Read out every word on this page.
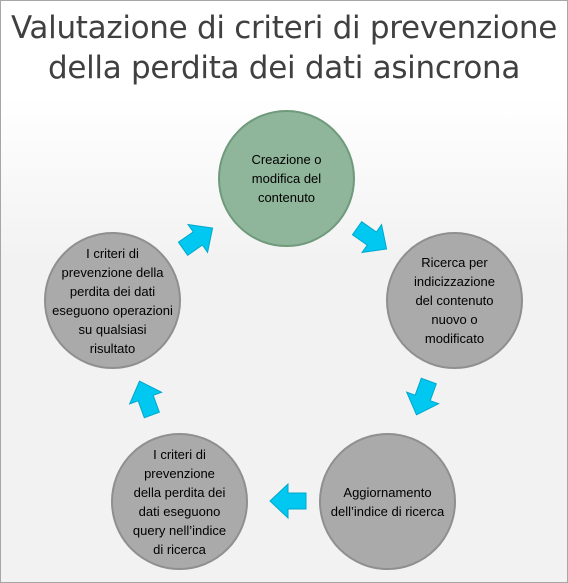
Valutazione di criteri di prevenzione
della perdita dei dati asincrona
Creazione o
modifica del
contenuto
Ricerca per
indicizzazione
del contenuto
nuovo o
modificato
Aggiornamento
dell’indice di ricerca
I criteri di
prevenzione
della perdita dei
dati eseguono
query nell’indice
di ricerca
I criteri di
prevenzione della
perdita dei dati
eseguono operazioni
su qualsiasi
risultato
